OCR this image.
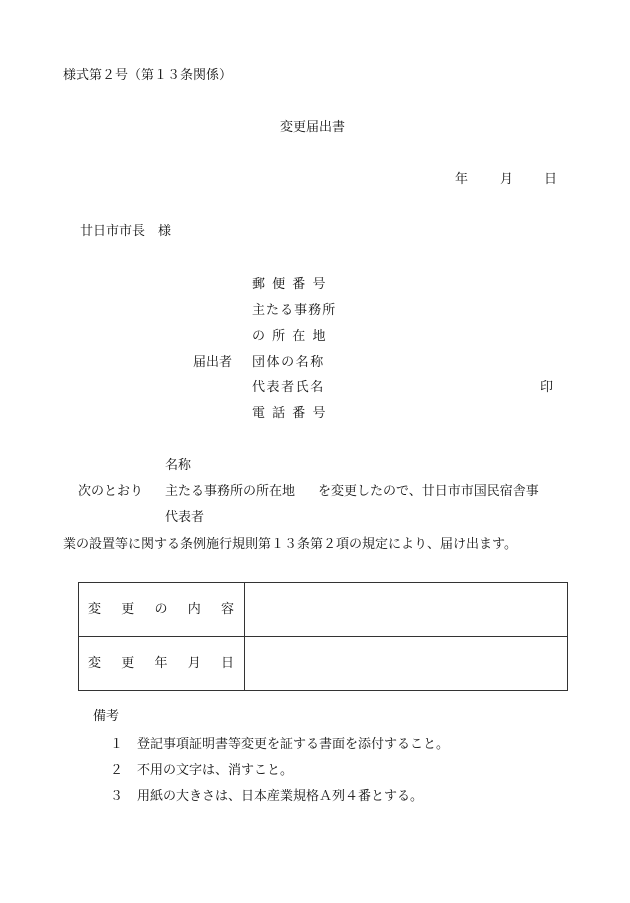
様式第２号（第１３条関係）
変更届出書
年 月 日
廿日市市長　様
郵便番号
主たる事務所
の所在地
届出者 団体の名称
代表者氏名	印
電話番号
名称
次のとおり 主たる事務所の所在地 を変更したので、廿日市市国民宿舎事
代表者
業の設置等に関する条例施行規則第１３条第２項の規定により、届け出ます。
変 更 の 内 容	

変 更 年 月 日	

備考
１ 登記事項証明書等変更を証する書面を添付すること。
２ 不用の文字は、消すこと。
３ 用紙の大きさは、日本産業規格Ａ列４番とする。
